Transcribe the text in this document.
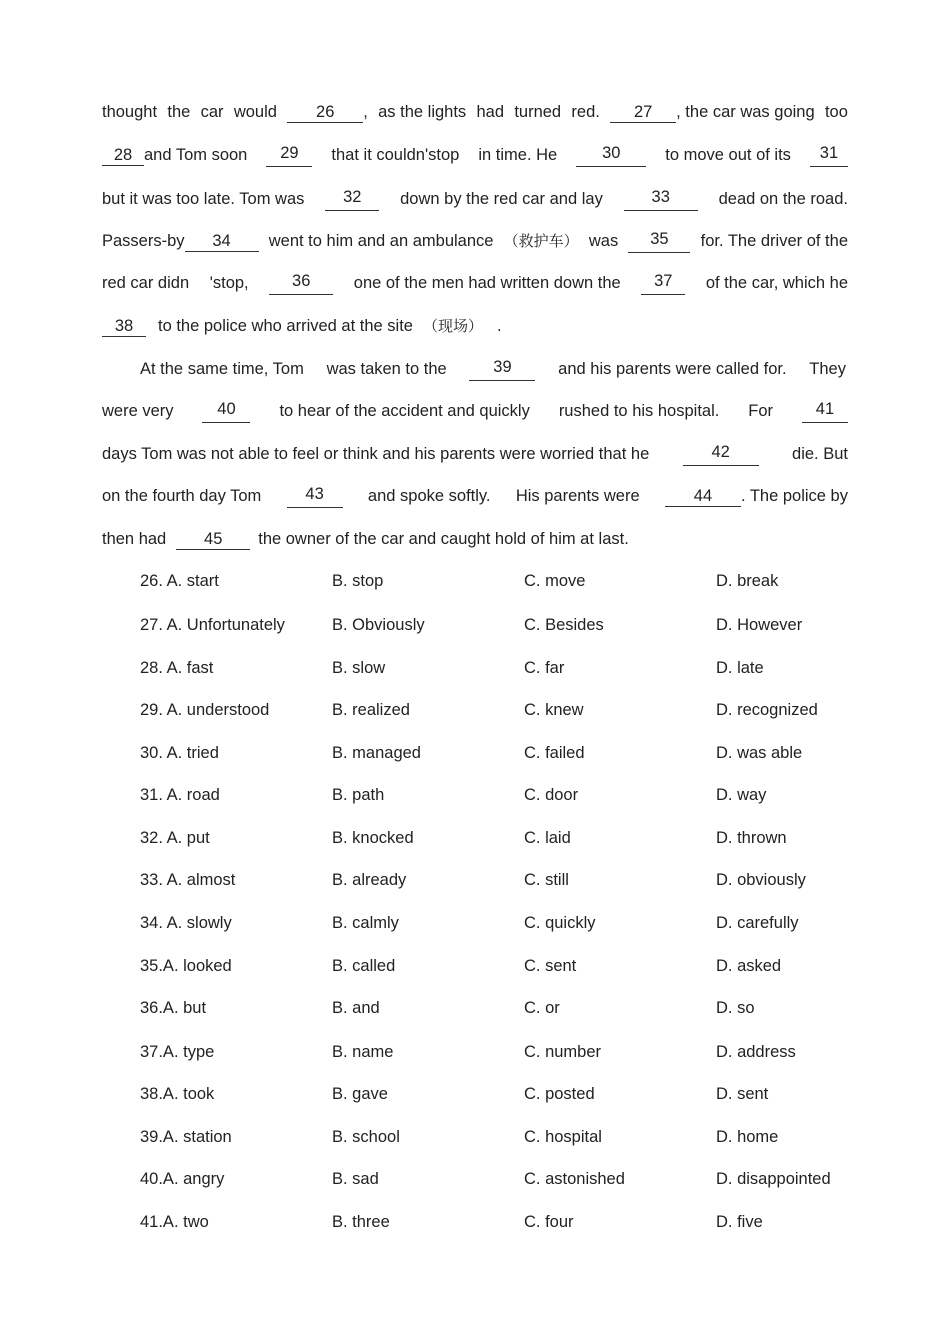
thought the car would	26 , as the lights had turned red.	27 , the car was going too
28 and Tom soon	29	that it couldn'stop in time. He	30	to move out of its	31
but it was too late. Tom was	32	down by the red car and lay	33	dead on the road.
Passers-by 34	went to him and an ambulance （救护车） was	35	for. The driver of the
red car didn 'stop,	36	one of the men had written down the	37	of the car, which he
38 to the police who arrived at the site （现场） .
At the same time, Tom was taken to the	39	and his parents were called for. They
were very	40	to hear of the accident and quickly rushed to his hospital. For	41
days Tom was not able to feel or think and his parents were worried that he	42	die. But
on the fourth day Tom	43	and spoke softly. His parents were	44 . The police by
then had 45 the owner of the car and caught hold of him at last.
26. A. start	B. stop	C. move	D. break
27. A. Unfortunately	B. Obviously	C. Besides	D. However
28. A. fast	B. slow	C. far	D. late
29. A. understood	B. realized	C. knew	D. recognized
30. A. tried	B. managed	C. failed	D. was able
31. A. road	B. path	C. door	D. way
32. A. put	B. knocked	C. laid	D. thrown
33. A. almost	B. already	C. still	D. obviously
34. A. slowly	B. calmly	C. quickly	D. carefully
35.A. looked	B. called	C. sent	D. asked
36.A. but	B. and	C. or	D. so
37.A. type	B. name	C. number	D. address
38.A. took	B. gave	C. posted	D. sent
39.A. station	B. school	C. hospital	D. home
40.A. angry	B. sad	C. astonished	D. disappointed
41.A. two	B. three	C. four	D. five
